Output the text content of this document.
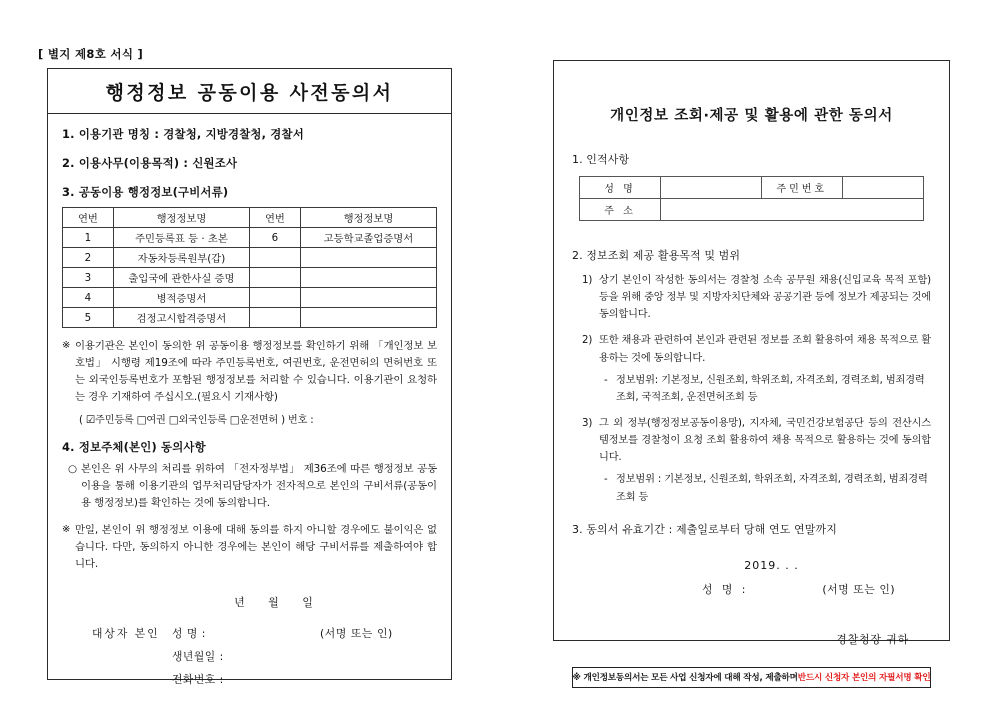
[ 별지 제8호 서식 ]
행정정보 공동이용 사전동의서
1. 이용기관 명칭 : 경찰청, 지방경찰청, 경찰서
2. 이용사무(이용목적) : 신원조사
3. 공동이용 행정정보(구비서류)
연번	행정정보명	연번	행정정보명
1	주민등록표 등 · 초본	6	고등학교졸업증명서
2	자동차등록원부(갑)		
3	출입국에 관한사실 증명		
4	병적증명서		
5	검정고시합격증명서		
※ 이용기관은 본인이 동의한 위 공동이용 행정정보를 확인하기 위해 「개인정보 보호법」 시행령 제19조에 따라 주민등록번호, 여권번호, 운전면허의 면허번호 또는 외국인등록번호가 포함된 행정정보를 처리할 수 있습니다. 이용기관이 요청하는 경우 기재하여 주십시오.(필요시 기재사항)
( ☑주민등록 □여권 □외국인등록 □운전면허 ) 번호 :
4. 정보주체(본인) 동의사항
○ 본인은 위 사무의 처리를 위하여 「전자정부법」 제36조에 따른 행정정보 공동이용을 통해 이용기관의 업무처리담당자가 전자적으로 본인의 구비서류(공동이용 행정정보)를 확인하는 것에 동의합니다.
※ 만일, 본인이 위 행정정보 이용에 대해 동의를 하지 아니할 경우에도 불이익은 없습니다. 다만, 동의하지 아니한 경우에는 본인이 해당 구비서류를 제출하여야 합니다.
년 월 일
대상자 본인	성 명 :	(서명 또는 인)
생년월일 :
전화번호 :
개인정보 조회·제공 및 활용에 관한 동의서
1. 인적사항
성 명		주민번호	
주 소			
2. 정보조회 제공 활용목적 및 범위
1) 상기 본인이 작성한 동의서는 경찰청 소속 공무원 채용(신입교육 목적 포함) 등을 위해 중앙 정부 및 지방자치단체와 공공기관 등에 정보가 제공되는 것에 동의합니다.
2) 또한 채용과 관련하여 본인과 관련된 정보를 조회 활용하여 채용 목적으로 활용하는 것에 동의합니다.
- 정보범위: 기본정보, 신원조회, 학위조회, 자격조회, 경력조회, 범죄경력조회, 국적조회, 운전면허조회 등
3) 그 외 정부(행정정보공동이용망), 지자체, 국민건강보험공단 등의 전산시스템정보를 경찰청이 요청 조회 활용하여 채용 목적으로 활용하는 것에 동의합니다.
- 정보범위 : 기본정보, 신원조회, 학위조회, 자격조회, 경력조회, 범죄경력조회 등
3. 동의서 유효기간 : 제출일로부터 당해 연도 연말까지
2019. . .
성 명 :	(서명 또는 인)
경찰청장 귀하
※ 개인정보동의서는 모든 사업 신청자에 대해 작성, 제출하며 반드시 신청자 본인의 자필서명 확인
